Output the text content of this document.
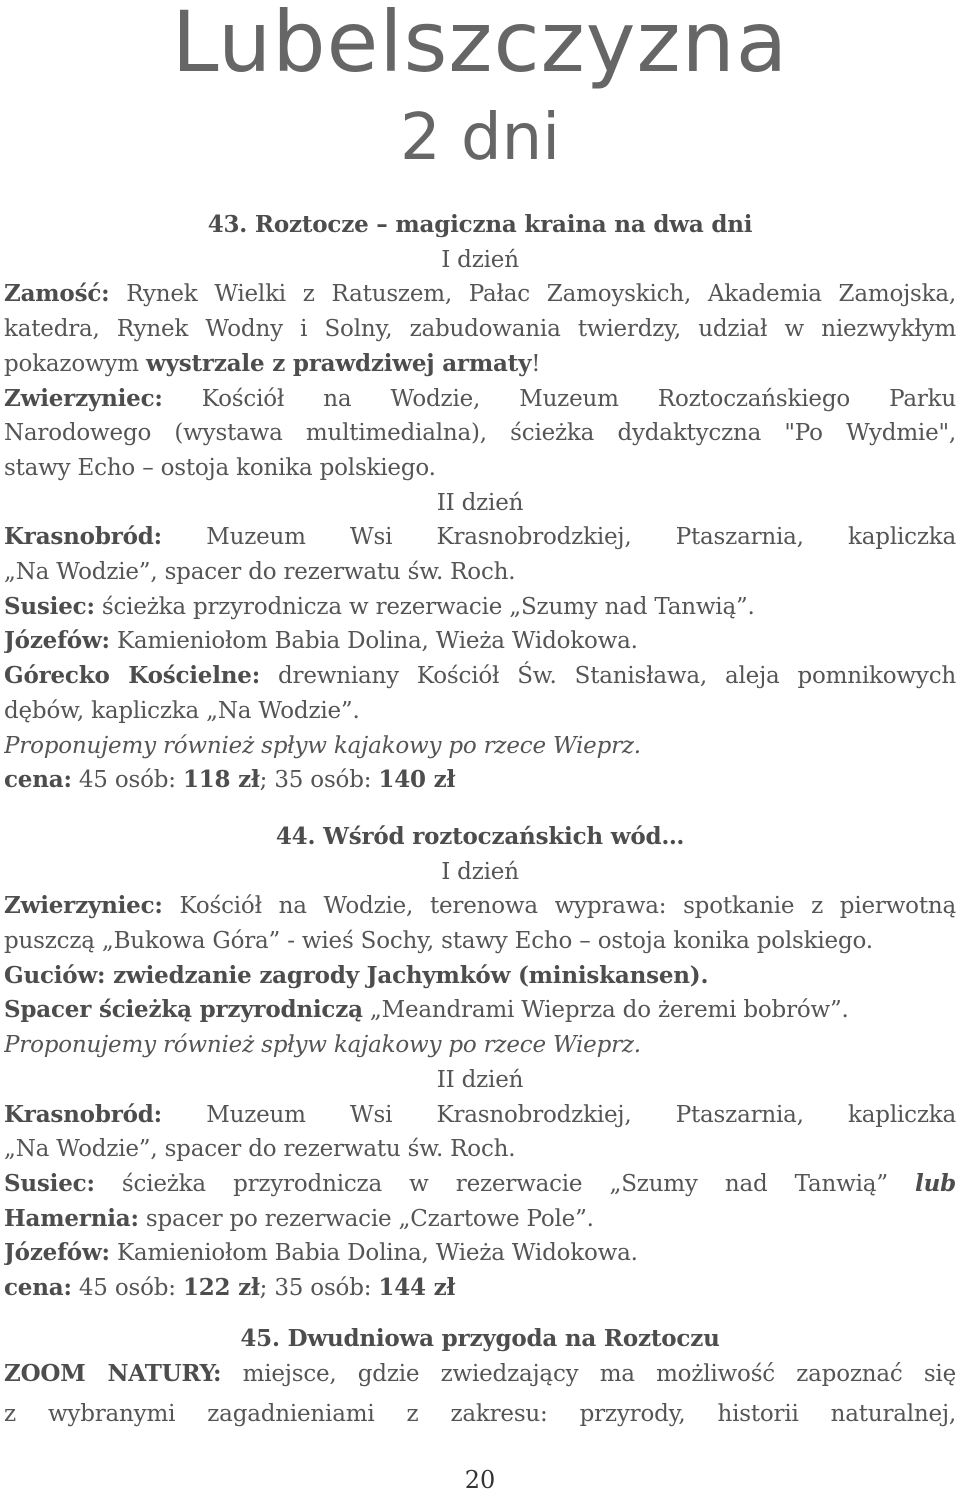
Lubelszczyzna
2 dni
43. Roztocze – magiczna kraina na dwa dni
I dzień
Zamość: Rynek Wielki z Ratuszem, Pałac Zamoyskich, Akademia Zamojska,
katedra, Rynek Wodny i Solny, zabudowania twierdzy, udział w niezwykłym
pokazowym wystrzale z prawdziwej armaty!
Zwierzyniec: Kościół na Wodzie, Muzeum Roztoczańskiego Parku
Narodowego (wystawa multimedialna), ścieżka dydaktyczna "Po Wydmie",
stawy Echo – ostoja konika polskiego.
II dzień
Krasnobród: Muzeum Wsi Krasnobrodzkiej, Ptaszarnia, kapliczka
„Na Wodzie”, spacer do rezerwatu św. Roch.
Susiec: ścieżka przyrodnicza w rezerwacie „Szumy nad Tanwią”.
Józefów: Kamieniołom Babia Dolina, Wieża Widokowa.
Górecko Kościelne: drewniany Kościół Św. Stanisława, aleja pomnikowych
dębów, kapliczka „Na Wodzie”.
Proponujemy również spływ kajakowy po rzece Wieprz.
cena: 45 osób: 118 zł; 35 osób: 140 zł
44. Wśród roztoczańskich wód…
I dzień
Zwierzyniec: Kościół na Wodzie, terenowa wyprawa: spotkanie z pierwotną
puszczą „Bukowa Góra” - wieś Sochy, stawy Echo – ostoja konika polskiego.
Guciów: zwiedzanie zagrody Jachymków (miniskansen).
Spacer ścieżką przyrodniczą „Meandrami Wieprza do żeremi bobrów”.
Proponujemy również spływ kajakowy po rzece Wieprz.
II dzień
Krasnobród: Muzeum Wsi Krasnobrodzkiej, Ptaszarnia, kapliczka
„Na Wodzie”, spacer do rezerwatu św. Roch.
Susiec: ścieżka przyrodnicza w rezerwacie „Szumy nad Tanwią” lub
Hamernia: spacer po rezerwacie „Czartowe Pole”.
Józefów: Kamieniołom Babia Dolina, Wieża Widokowa.
cena: 45 osób: 122 zł; 35 osób: 144 zł
45. Dwudniowa przygoda na Roztoczu
ZOOM NATURY: miejsce, gdzie zwiedzający ma możliwość zapoznać się
z wybranymi zagadnieniami z zakresu: przyrody, historii naturalnej,
20
